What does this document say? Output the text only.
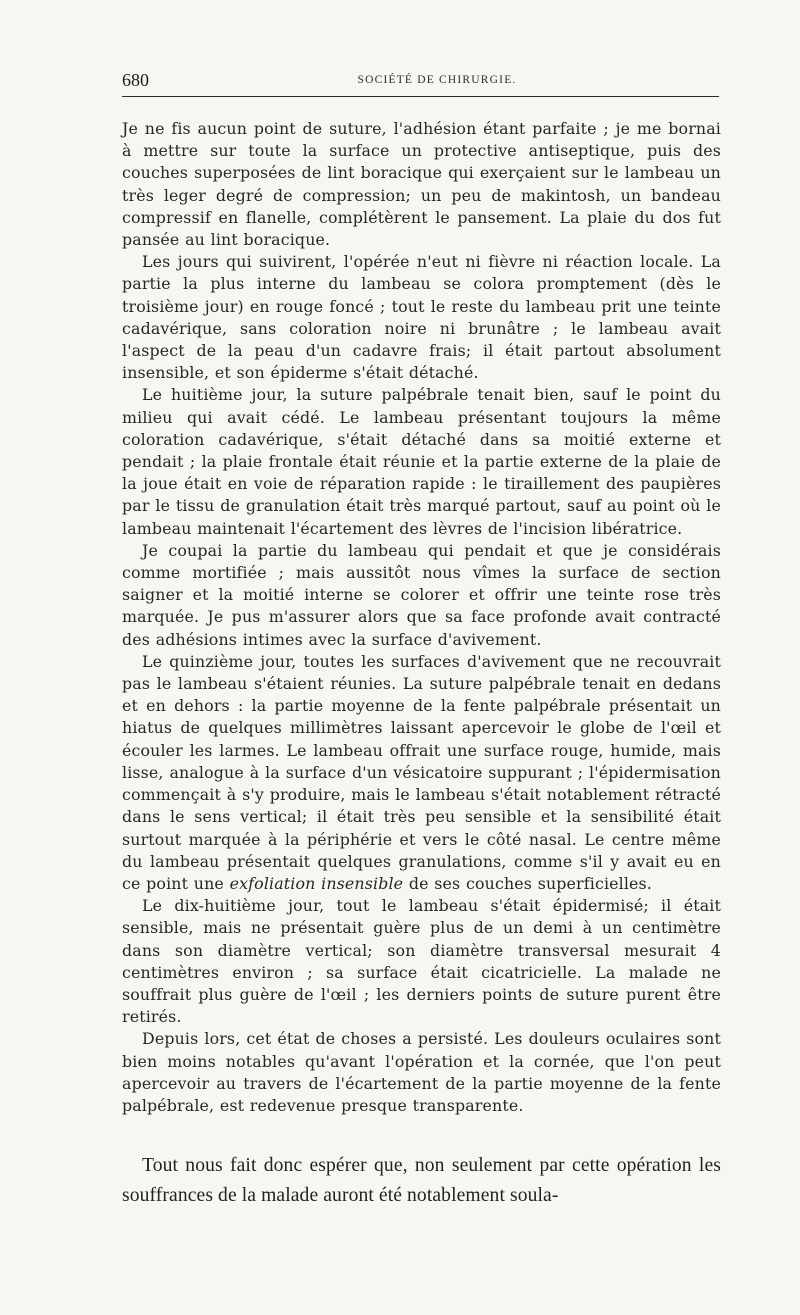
680	SOCIÉTÉ DE CHIRURGIE.

Je ne fis aucun point de suture, l'adhésion étant parfaite ; je me bornai à mettre sur toute la surface un protective antiseptique, puis des couches superposées de lint boracique qui exerçaient sur le lambeau un très leger degré de compression; un peu de makintosh, un bandeau compressif en flanelle, complétèrent le pansement. La plaie du dos fut pansée au lint boracique.

Les jours qui suivirent, l'opérée n'eut ni fièvre ni réaction locale. La partie la plus interne du lambeau se colora promptement (dès le troisième jour) en rouge foncé ; tout le reste du lambeau prit une teinte cadavérique, sans coloration noire ni brunâtre ; le lambeau avait l'aspect de la peau d'un cadavre frais; il était partout absolument insensible, et son épiderme s'était détaché.

Le huitième jour, la suture palpébrale tenait bien, sauf le point du milieu qui avait cédé. Le lambeau présentant toujours la même coloration cadavérique, s'était détaché dans sa moitié externe et pendait ; la plaie frontale était réunie et la partie externe de la plaie de la joue était en voie de réparation rapide : le tiraillement des paupières par le tissu de granulation était très marqué partout, sauf au point où le lambeau maintenait l'écartement des lèvres de l'incision libératrice.

Je coupai la partie du lambeau qui pendait et que je considérais comme mortifiée ; mais aussitôt nous vîmes la surface de section saigner et la moitié interne se colorer et offrir une teinte rose très marquée. Je pus m'assurer alors que sa face profonde avait contracté des adhésions intimes avec la surface d'avivement.

Le quinzième jour, toutes les surfaces d'avivement que ne recouvrait pas le lambeau s'étaient réunies. La suture palpébrale tenait en dedans et en dehors : la partie moyenne de la fente palpébrale présentait un hiatus de quelques millimètres laissant apercevoir le globe de l'œil et écouler les larmes. Le lambeau offrait une surface rouge, humide, mais lisse, analogue à la surface d'un vésicatoire suppurant ; l'épidermisation commençait à s'y produire, mais le lambeau s'était notablement rétracté dans le sens vertical; il était très peu sensible et la sensibilité était surtout marquée à la périphérie et vers le côté nasal. Le centre même du lambeau présentait quelques granulations, comme s'il y avait eu en ce point une exfoliation insensible de ses couches superficielles.

Le dix-huitième jour, tout le lambeau s'était épidermisé; il était sensible, mais ne présentait guère plus de un demi à un centimètre dans son diamètre vertical; son diamètre transversal mesurait 4 centimètres environ ; sa surface était cicatricielle. La malade ne souffrait plus guère de l'œil ; les derniers points de suture purent être retirés.

Depuis lors, cet état de choses a persisté. Les douleurs oculaires sont bien moins notables qu'avant l'opération et la cornée, que l'on peut apercevoir au travers de l'écartement de la partie moyenne de la fente palpébrale, est redevenue presque transparente.

Tout nous fait donc espérer que, non seulement par cette opération les souffrances de la malade auront été notablement soula-
